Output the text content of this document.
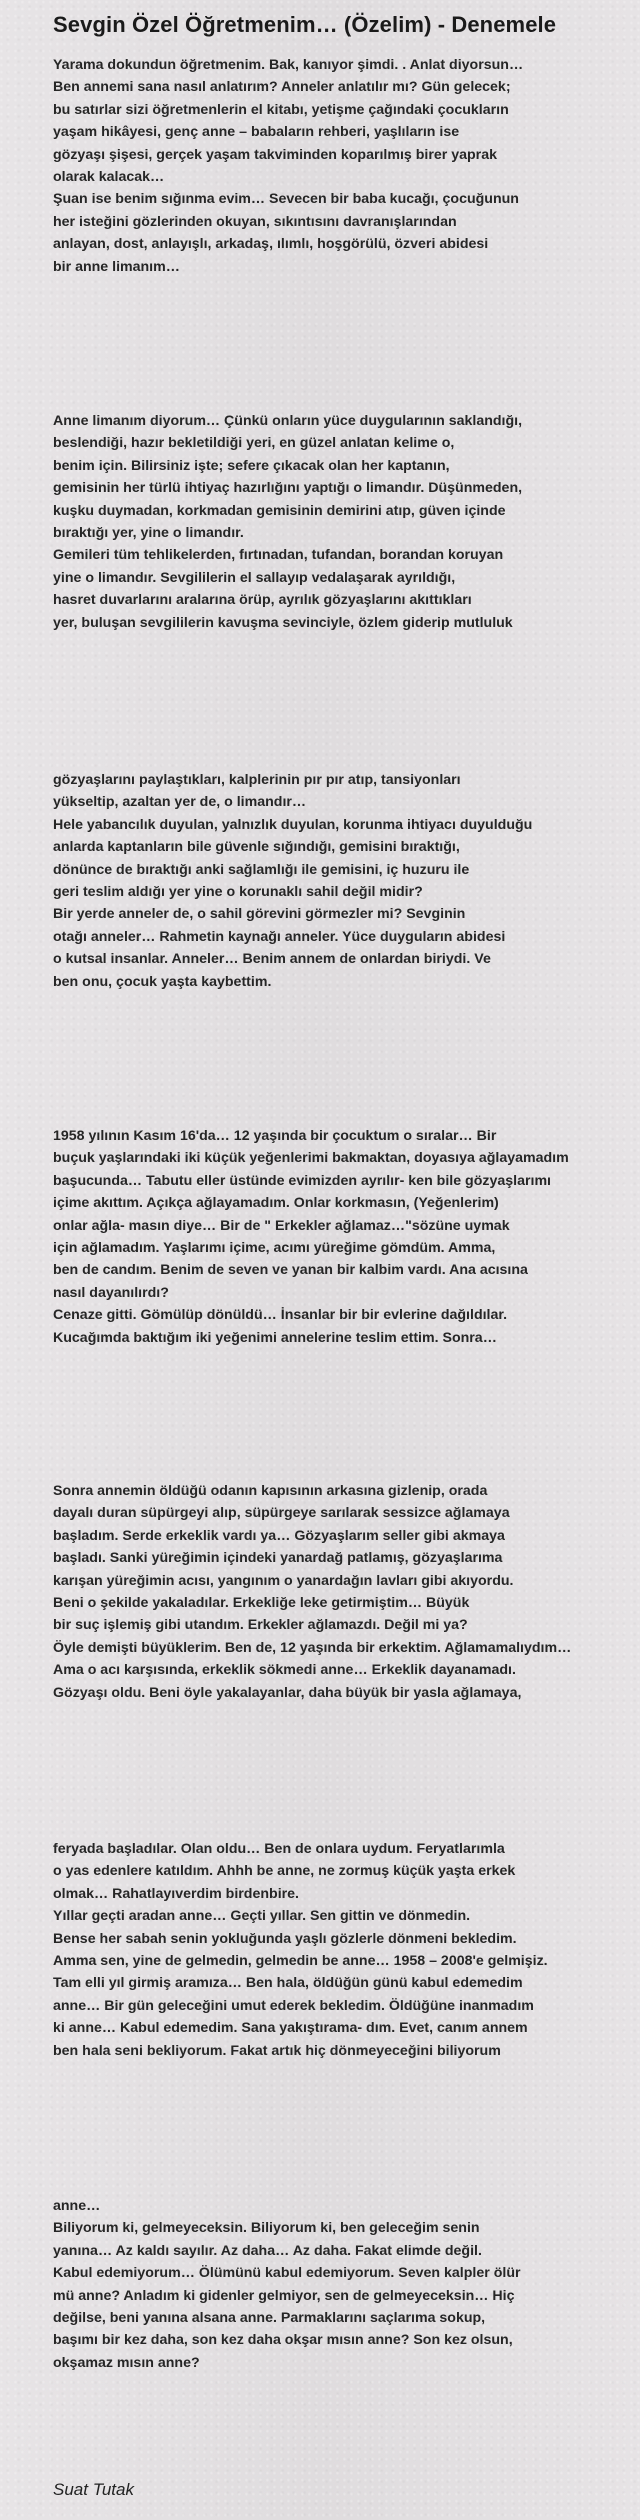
Sevgin Özel Öğretmenim… (Özelim) - Denemele
Yarama dokundun öğretmenim. Bak, kanıyor şimdi. . Anlat diyorsun…
Ben annemi sana nasıl anlatırım? Anneler anlatılır mı? Gün gelecek;
bu satırlar sizi öğretmenlerin el kitabı, yetişme çağındaki çocukların
yaşam hikâyesi, genç anne – babaların rehberi, yaşlıların ise
gözyaşı şişesi, gerçek yaşam takviminden koparılmış birer yaprak
olarak kalacak…
Şuan ise benim sığınma evim… Sevecen bir baba kucağı, çocuğunun
her isteğini gözlerinden okuyan, sıkıntısını davranışlarından
anlayan, dost, anlayışlı, arkadaş, ılımlı, hoşgörülü, özveri abidesi
bir anne limanım…
Anne limanım diyorum… Çünkü onların yüce duygularının saklandığı,
beslendiği, hazır bekletildiği yeri, en güzel anlatan kelime o,
benim için. Bilirsiniz işte; sefere çıkacak olan her kaptanın,
gemisinin her türlü ihtiyaç hazırlığını yaptığı o limandır. Düşünmeden,
kuşku duymadan, korkmadan gemisinin demirini atıp, güven içinde
bıraktığı yer, yine o limandır.
Gemileri tüm tehlikelerden, fırtınadan, tufandan, borandan koruyan
yine o limandır. Sevgililerin el sallayıp vedalaşarak ayrıldığı,
hasret duvarlarını aralarına örüp, ayrılık gözyaşlarını akıttıkları
yer, buluşan sevgililerin kavuşma sevinciyle, özlem giderip mutluluk
gözyaşlarını paylaştıkları, kalplerinin pır pır atıp, tansiyonları
yükseltip, azaltan yer de, o limandır…
Hele yabancılık duyulan, yalnızlık duyulan, korunma ihtiyacı duyulduğu
anlarda kaptanların bile güvenle sığındığı, gemisini bıraktığı,
dönünce de bıraktığı anki sağlamlığı ile gemisini, iç huzuru ile
geri teslim aldığı yer yine o korunaklı sahil değil midir?
Bir yerde anneler de, o sahil görevini görmezler mi? Sevginin
otağı anneler… Rahmetin kaynağı anneler. Yüce duyguların abidesi
o kutsal insanlar. Anneler… Benim annem de onlardan biriydi. Ve
ben onu, çocuk yaşta kaybettim.
1958 yılının Kasım 16'da… 12 yaşında bir çocuktum o sıralar… Bir
buçuk yaşlarındaki iki küçük yeğenlerimi bakmaktan, doyasıya ağlayamadım
başucunda… Tabutu eller üstünde evimizden ayrılır- ken bile gözyaşlarımı
içime akıttım. Açıkça ağlayamadım. Onlar korkmasın, (Yeğenlerim)
onlar ağla- masın diye… Bir de " Erkekler ağlamaz…"sözüne uymak
için ağlamadım. Yaşlarımı içime, acımı yüreğime gömdüm. Amma,
ben de candım. Benim de seven ve yanan bir kalbim vardı. Ana acısına
nasıl dayanılırdı?
Cenaze gitti. Gömülüp dönüldü… İnsanlar bir bir evlerine dağıldılar.
Kucağımda baktığım iki yeğenimi annelerine teslim ettim. Sonra…
Sonra annemin öldüğü odanın kapısının arkasına gizlenip, orada
dayalı duran süpürgeyi alıp, süpürgeye sarılarak sessizce ağlamaya
başladım. Serde erkeklik vardı ya… Gözyaşlarım seller gibi akmaya
başladı. Sanki yüreğimin içindeki yanardağ patlamış, gözyaşlarıma
karışan yüreğimin acısı, yangınım o yanardağın lavları gibi akıyordu.
Beni o şekilde yakaladılar. Erkekliğe leke getirmiştim… Büyük
bir suç işlemiş gibi utandım. Erkekler ağlamazdı. Değil mi ya?
Öyle demişti büyüklerim. Ben de, 12 yaşında bir erkektim. Ağlamamalıydım…
Ama o acı karşısında, erkeklik sökmedi anne… Erkeklik dayanamadı.
Gözyaşı oldu. Beni öyle yakalayanlar, daha büyük bir yasla ağlamaya,
feryada başladılar. Olan oldu… Ben de onlara uydum. Feryatlarımla
o yas edenlere katıldım. Ahhh be anne, ne zormuş küçük yaşta erkek
olmak… Rahatlayıverdim birdenbire.
Yıllar geçti aradan anne… Geçti yıllar. Sen gittin ve dönmedin.
Bense her sabah senin yokluğunda yaşlı gözlerle dönmeni bekledim.
Amma sen, yine de gelmedin, gelmedin be anne… 1958 – 2008'e gelmişiz.
Tam elli yıl girmiş aramıza… Ben hala, öldüğün günü kabul edemedim
anne… Bir gün geleceğini umut ederek bekledim. Öldüğüne inanmadım
ki anne… Kabul edemedim. Sana yakıştırama- dım. Evet, canım annem
ben hala seni bekliyorum. Fakat artık hiç dönmeyeceğini biliyorum
anne…
Biliyorum ki, gelmeyeceksin. Biliyorum ki, ben geleceğim senin
yanına… Az kaldı sayılır. Az daha… Az daha. Fakat elimde değil.
Kabul edemiyorum… Ölümünü kabul edemiyorum. Seven kalpler ölür
mü anne? Anladım ki gidenler gelmiyor, sen de gelmeyeceksin… Hiç
değilse, beni yanına alsana anne. Parmaklarını saçlarıma sokup,
başımı bir kez daha, son kez daha okşar mısın anne? Son kez olsun,
okşamaz mısın anne?
Suat Tutak
